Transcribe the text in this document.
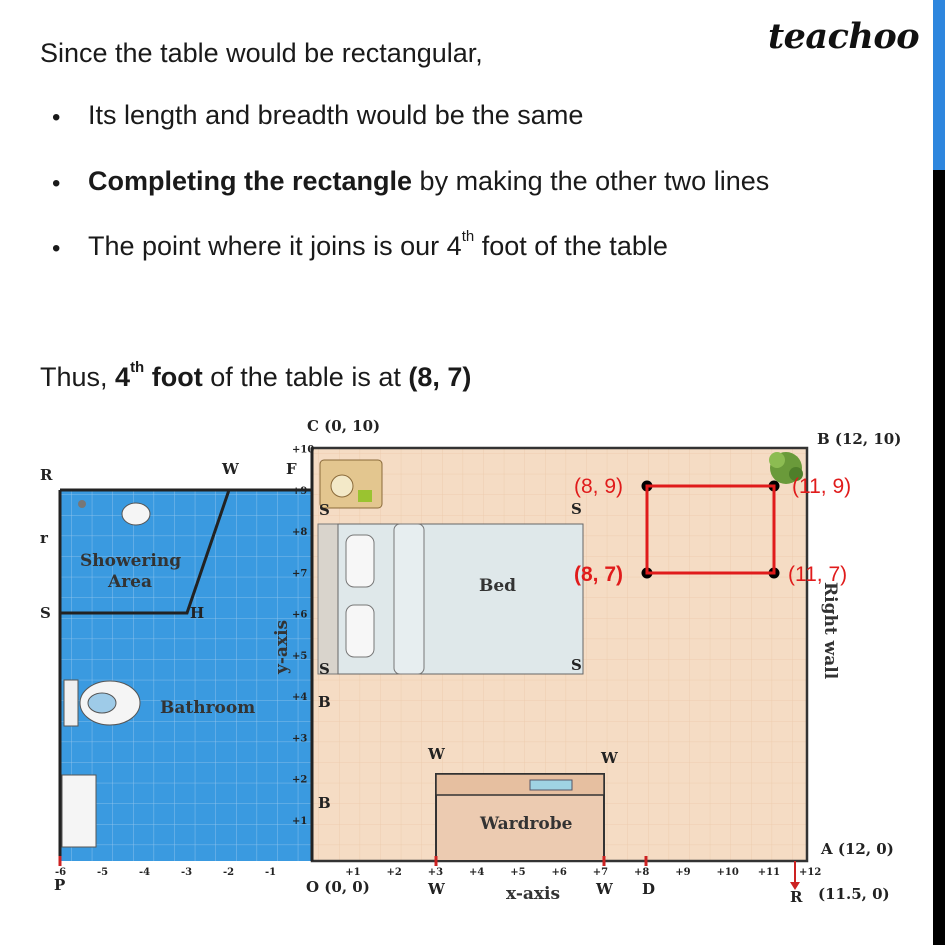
teachoo
Since the table would be rectangular,
• Its length and breadth would be the same
• Completing the rectangle by making the other two lines
• The point where it joins is our 4th foot of the table
Thus, 4th foot of the table is at (8, 7)
+1
+2
+3
+4
+5
+6
+7
+8
+9
+10
+1	+2	+3	+4	+5	+6	+7	+8	+9	+10 +11 +12
-6	-5	-4	-3	-2	-1
(8, 9)	(11, 9)
(8, 7)	(11, 7)
C (0, 10)
B (12, 10)
A (12, 0)
O (0, 0)	(11.5, 0)
R
R	W	F
r
S	H
P
S
S
S
S
B
B
W	W
W	W D
Showering
Area
Bathroom
Bed
Wardrobe
Right wall
x-axis
y-axis
